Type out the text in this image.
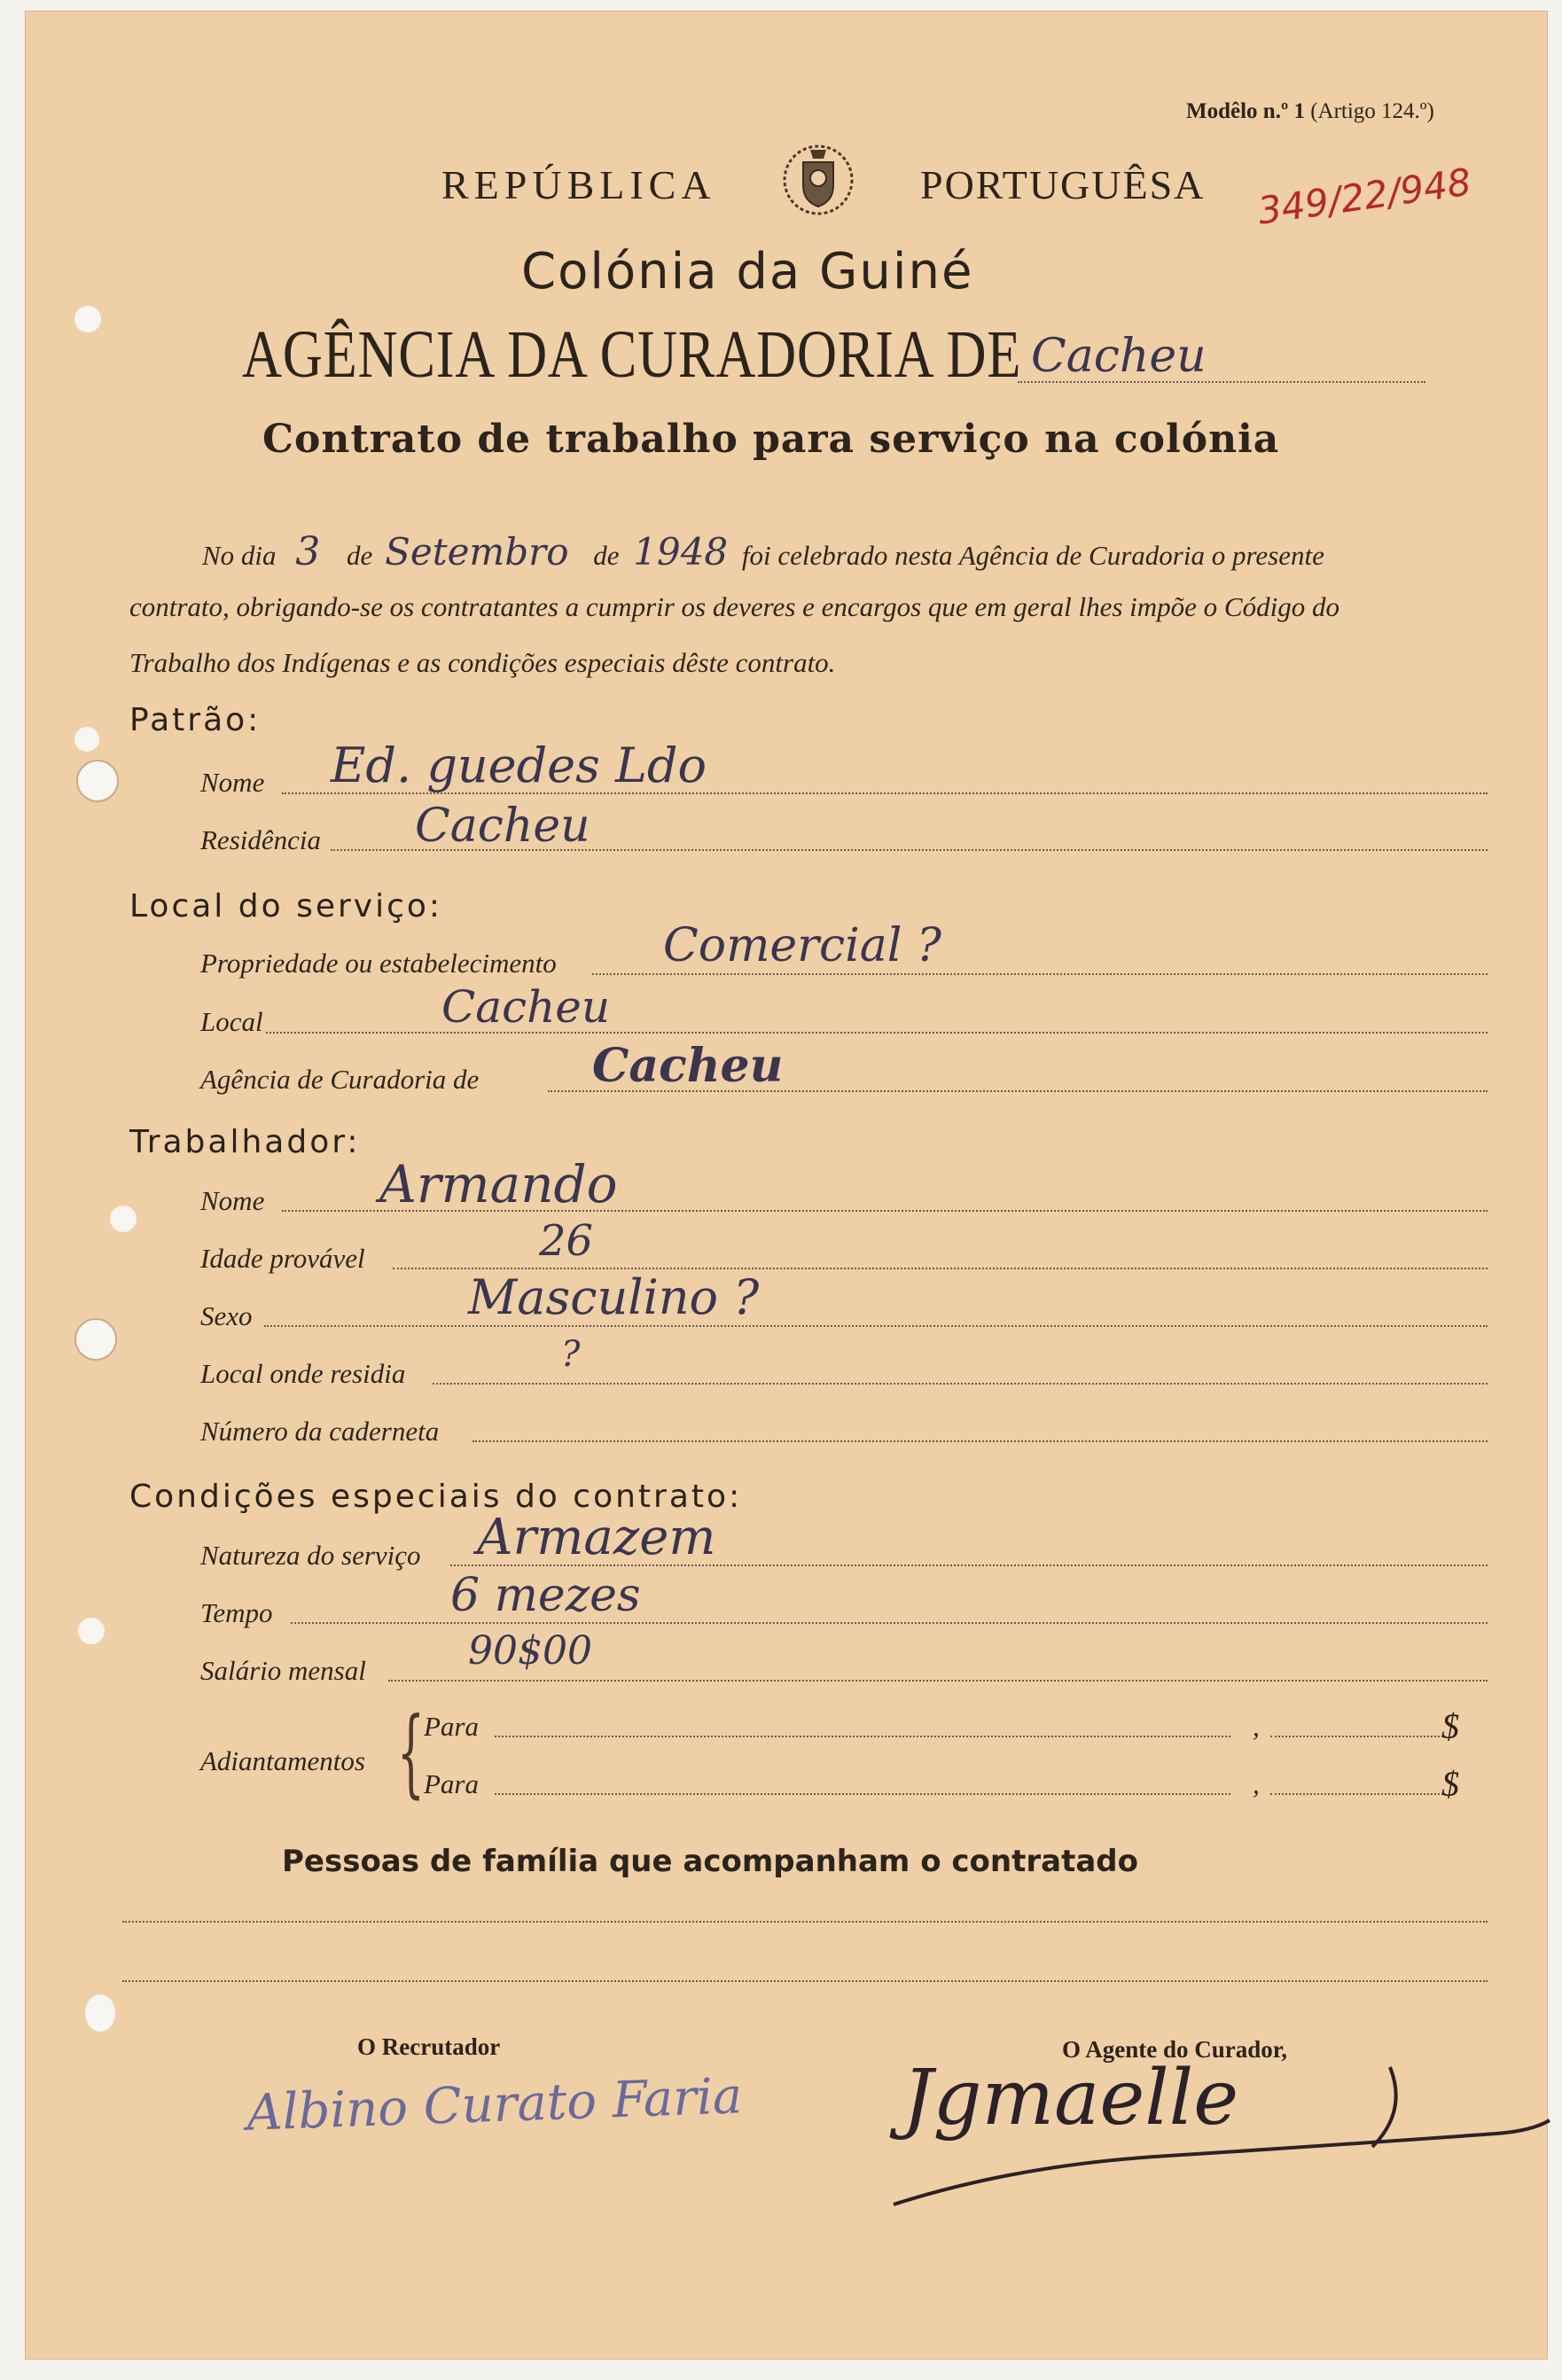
Modêlo n.º 1 (Artigo 124.º)
REPÚBLICA	PORTUGUÊSA 349/22/948
Colónia da Guiné
AGÊNCIA DA CURADORIA DE Cacheu
Contrato de trabalho para serviço na colónia
No dia 3 de Setembro de 1948 foi celebrado nesta Agência de Curadoria o presente
contrato, obrigando-se os contratantes a cumprir os deveres e encargos que em geral lhes impõe o Código do
Trabalho dos Indígenas e as condições especiais dêste contrato.
Patrão:
Nome Ed. guedes Ldo
Residência Cacheu
Local do serviço:
Propriedade ou estabelecimento Comercial ?
Local	Cacheu
Agência de Curadoria de Cacheu
Trabalhador:
Nome Armando
Idade provável	26
Sexo	Masculino ?
Local onde residia	?
Número da caderneta
Condições especiais do contrato:
Natureza do serviço Armazem
Tempo	6 mezes
Salário mensal	90$00
Adiantamentos { Para	,	$
Para	,	$
Pessoas de família que acompanham o contratado
O Recrutador
Albino Curato Faria
O Agente do Curador,
Jgmaelle
